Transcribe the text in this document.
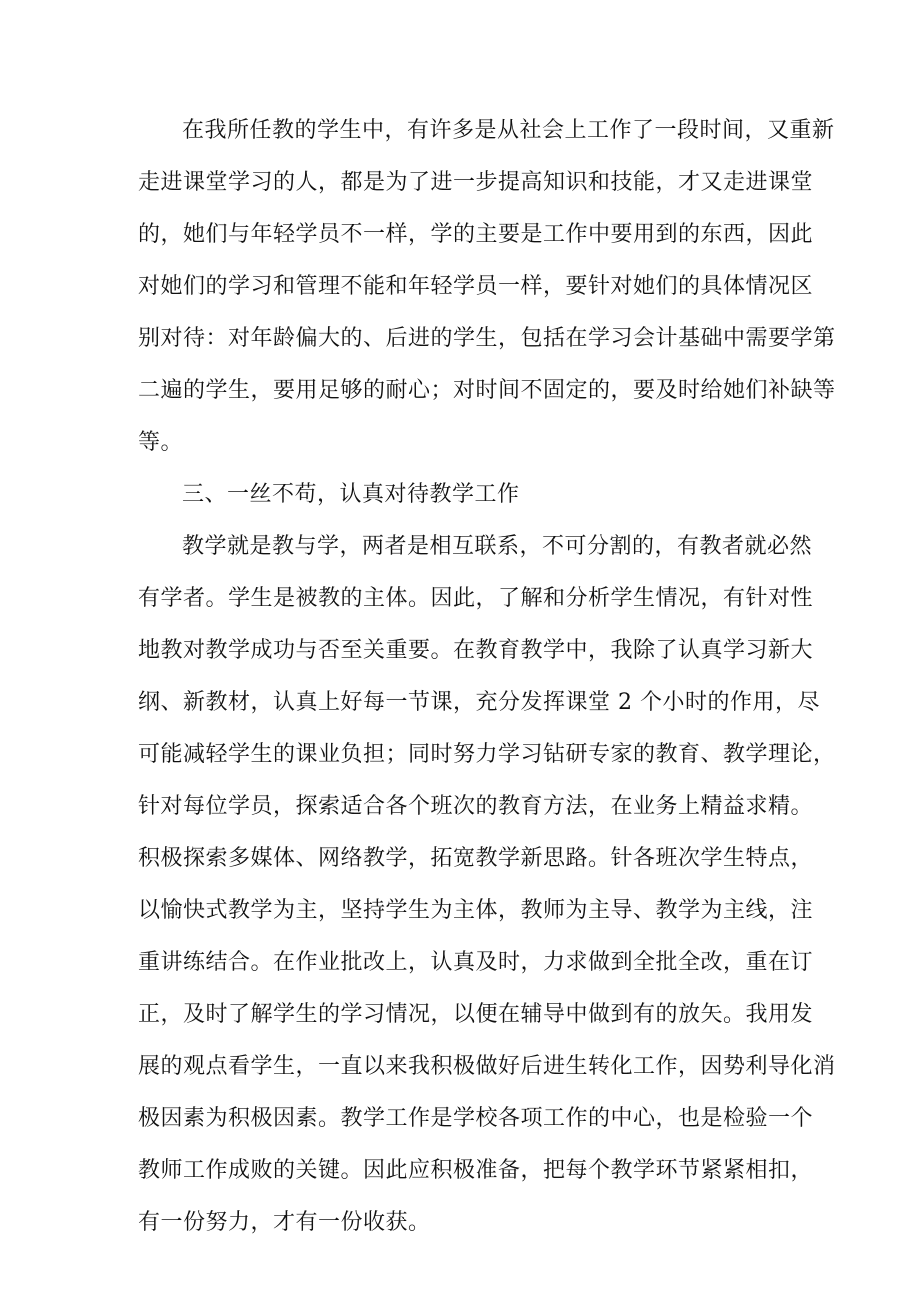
在我所任教的学生中，有许多是从社会上工作了一段时间，又重新
走进课堂学习的人，都是为了进一步提高知识和技能，才又走进课堂
的，她们与年轻学员不一样，学的主要是工作中要用到的东西，因此
对她们的学习和管理不能和年轻学员一样，要针对她们的具体情况区
别对待：对年龄偏大的、后进的学生，包括在学习会计基础中需要学第
二遍的学生，要用足够的耐心；对时间不固定的，要及时给她们补缺等
等。
三、一丝不苟，认真对待教学工作
教学就是教与学，两者是相互联系，不可分割的，有教者就必然
有学者。学生是被教的主体。因此，了解和分析学生情况，有针对性
地教对教学成功与否至关重要。在教育教学中，我除了认真学习新大
纲、新教材，认真上好每一节课，充分发挥课堂 2 个小时的作用，尽
可能减轻学生的课业负担；同时努力学习钻研专家的教育、教学理论，
针对每位学员，探索适合各个班次的教育方法，在业务上精益求精。
积极探索多媒体、网络教学，拓宽教学新思路。针各班次学生特点，
以愉快式教学为主，坚持学生为主体，教师为主导、教学为主线，注
重讲练结合。在作业批改上，认真及时，力求做到全批全改，重在订
正，及时了解学生的学习情况，以便在辅导中做到有的放矢。我用发
展的观点看学生，一直以来我积极做好后进生转化工作，因势利导化消
极因素为积极因素。教学工作是学校各项工作的中心，也是检验一个
教师工作成败的关键。因此应积极准备，把每个教学环节紧紧相扣，
有一份努力，才有一份收获。
